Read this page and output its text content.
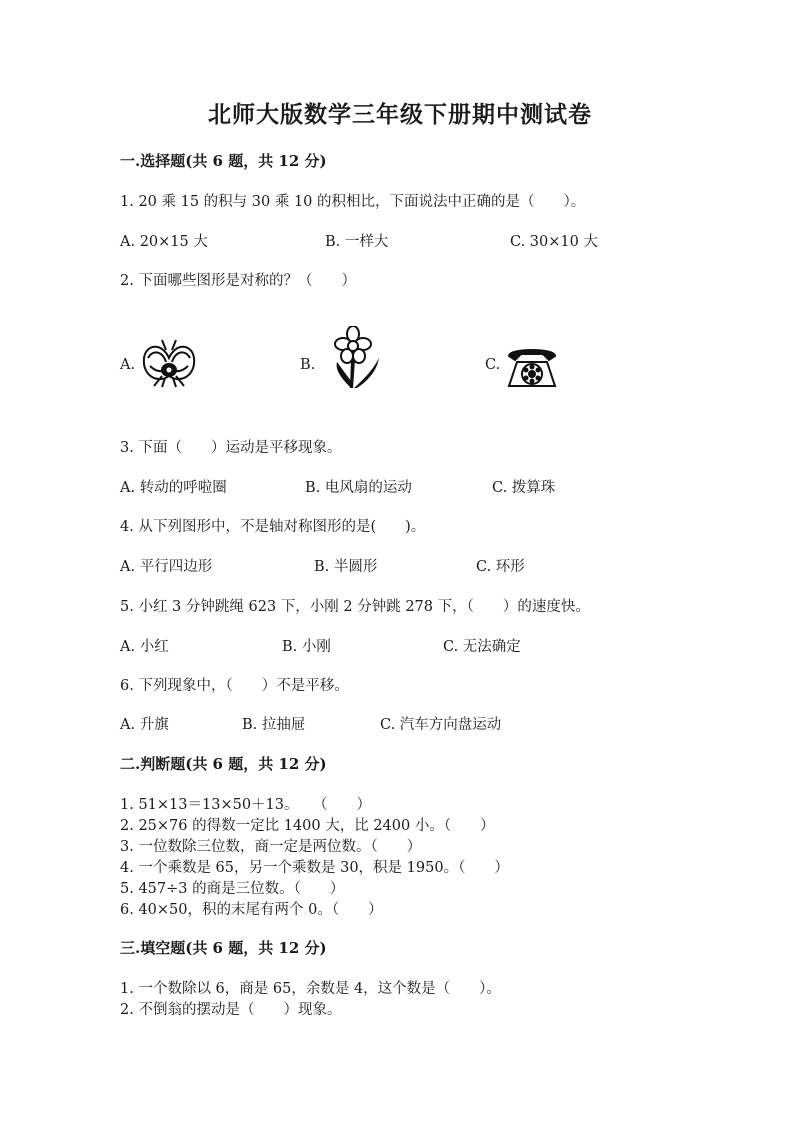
北师大版数学三年级下册期中测试卷
一.选择题(共 6 题，共 12 分)
1. 20 乘 15 的积与 30 乘 10 的积相比，下面说法中正确的是（　　）。
A. 20×15 大	B. 一样大	C. 30×10 大
2. 下面哪些图形是对称的？（　　）
A.	B.	C.
3. 下面（　　）运动是平移现象。
A. 转动的呼啦圈	B. 电风扇的运动	C. 拨算珠
4. 从下列图形中，不是轴对称图形的是(　　)。
A. 平行四边形	B. 半圆形	C. 环形
5. 小红 3 分钟跳绳 623 下，小刚 2 分钟跳 278 下，（　　）的速度快。
A. 小红	B. 小刚	C. 无法确定
6. 下列现象中，（　　）不是平移。
A. 升旗	B. 拉抽屉	C. 汽车方向盘运动
二.判断题(共 6 题，共 12 分)
1. 51×13＝13×50＋13。　　（　　）
2. 25×76 的得数一定比 1400 大，比 2400 小。（　　）
3. 一位数除三位数，商一定是两位数。（　　）
4. 一个乘数是 65，另一个乘数是 30，积是 1950。（　　）
5. 457÷3 的商是三位数。（　　）
6. 40×50，积的末尾有两个 0。（　　）
三.填空题(共 6 题，共 12 分)
1. 一个数除以 6，商是 65，余数是 4，这个数是（　　）。
2. 不倒翁的摆动是（　　）现象。
